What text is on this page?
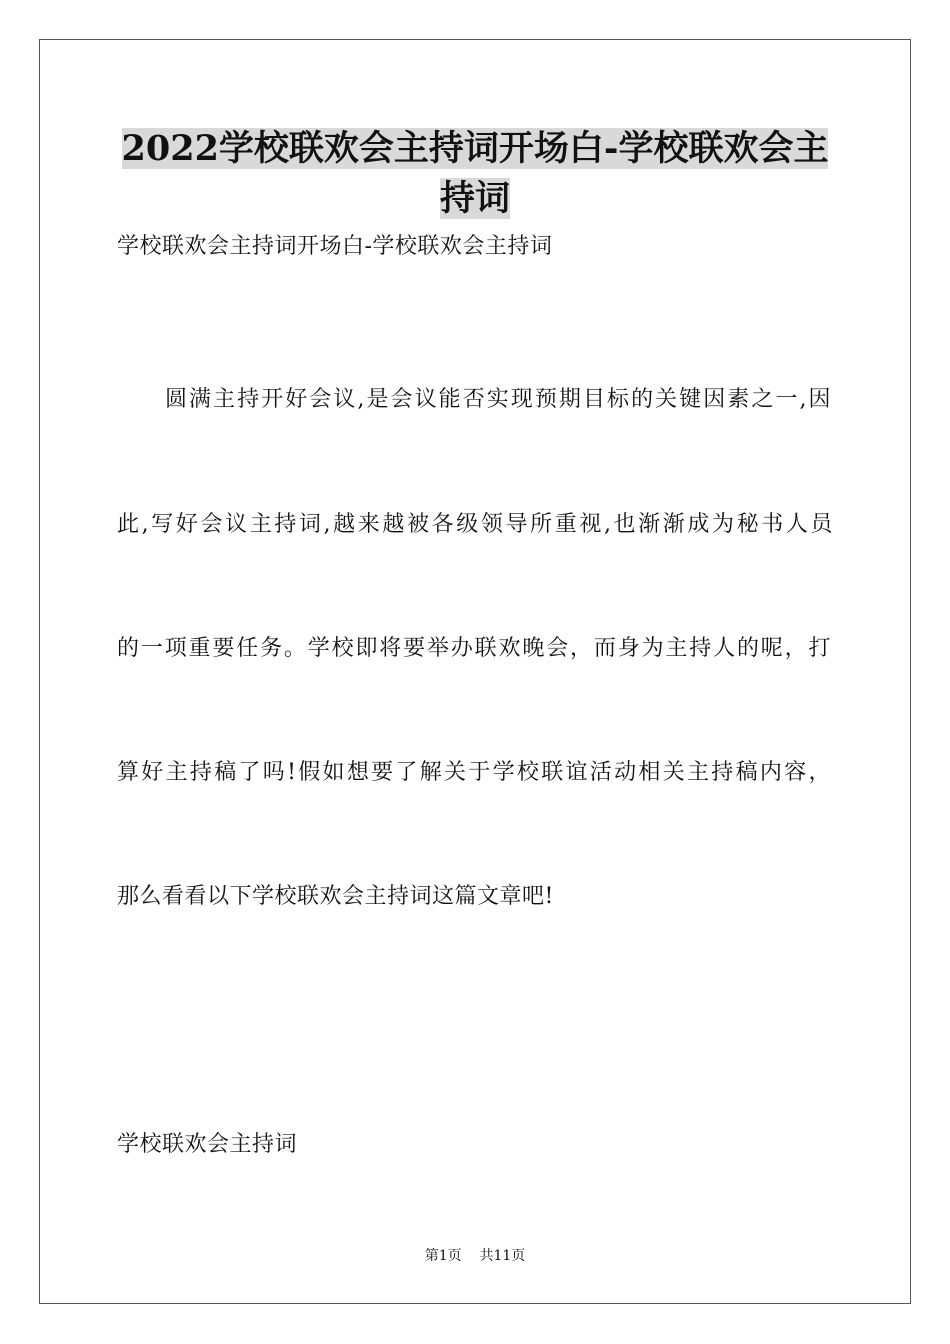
2022学校联欢会主持词开场白-学校联欢会主
持词

学校联欢会主持词开场白-学校联欢会主持词

圆满主持开好会议,是会议能否实现预期目标的关键因素之一,因

此,写好会议主持词,越来越被各级领导所重视,也渐渐成为秘书人员

的一项重要任务。学校即将要举办联欢晚会，而身为主持人的呢，打

算好主持稿了吗!假如想要了解关于学校联谊活动相关主持稿内容，

那么看看以下学校联欢会主持词这篇文章吧!

学校联欢会主持词

第1页 共11页
